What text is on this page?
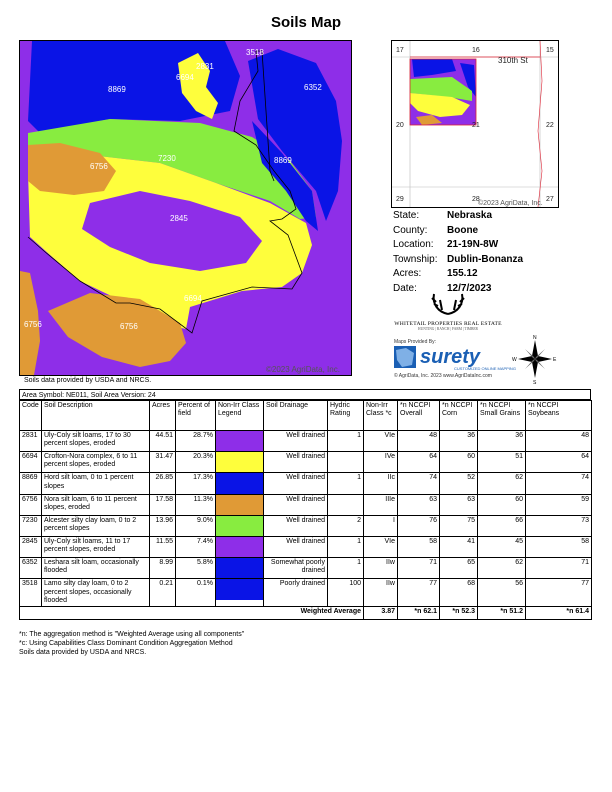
Soils Map
3518
2831
6694
8869	6352
6756
7230	8869
2845
6694
6756
6756
©2023 AgriData, Inc.
17	16	15
310th St
20	21	22
29	28	27
©2023 AgriData, Inc.
State:	Nebraska
County: Boone
Location: 21-19N-8W
Township: Dublin-Bonanza
Acres:	155.12
Date:	12/7/2023
WHITETAIL PROPERTIES REAL ESTATE
HUNTING | RANCH | FARM | TIMBER
Maps Provided By:
surety
CUSTOMIZED ONLINE MAPPING
© AgriData, Inc. 2023 www.AgriDataInc.com
N
S
E
W
Soils data provided by USDA and NRCS.
Area Symbol: NE011, Soil Area Version: 24
Code	Soil Description	Acres	Percent of field	Non-Irr Class Legend	Soil Drainage	Hydric Rating	Non-Irr Class *c	*n NCCPI Overall	*n NCCPI Corn	*n NCCPI Small Grains	*n NCCPI Soybeans
2831	Uly-Coly silt loams, 17 to 30 percent slopes, eroded	44.51	28.7%		Well drained	1	VIe	48	36	36	48
6694	Crofton-Nora complex, 6 to 11 percent slopes, eroded	31.47	20.3%		Well drained		IVe	64	60	51	64
8869	Hord silt loam, 0 to 1 percent slopes	26.85	17.3%		Well drained	1	IIc	74	52	62	74
6756	Nora silt loam, 6 to 11 percent slopes, eroded	17.58	11.3%		Well drained		IIIe	63	63	60	59
7230	Alcester silty clay loam, 0 to 2 percent slopes	13.96	9.0%		Well drained	2	I	76	75	66	73
2845	Uly-Coly silt loams, 11 to 17 percent slopes, eroded	11.55	7.4%		Well drained	1	VIe	58	41	45	58
6352	Leshara silt loam, occasionally flooded	8.99	5.8%		Somewhat poorly drained	1	IIw	71	65	62	71
3518	Lamo silty clay loam, 0 to 2 percent slopes, occasionally flooded	0.21	0.1%		Poorly drained	100	IIw	77	68	56	77
Weighted Average							3.87	*n 62.1	*n 52.3	*n 51.2	*n 61.4
*n: The aggregation method is "Weighted Average using all components"
*c: Using Capabilities Class Dominant Condition Aggregation Method
Soils data provided by USDA and NRCS.
